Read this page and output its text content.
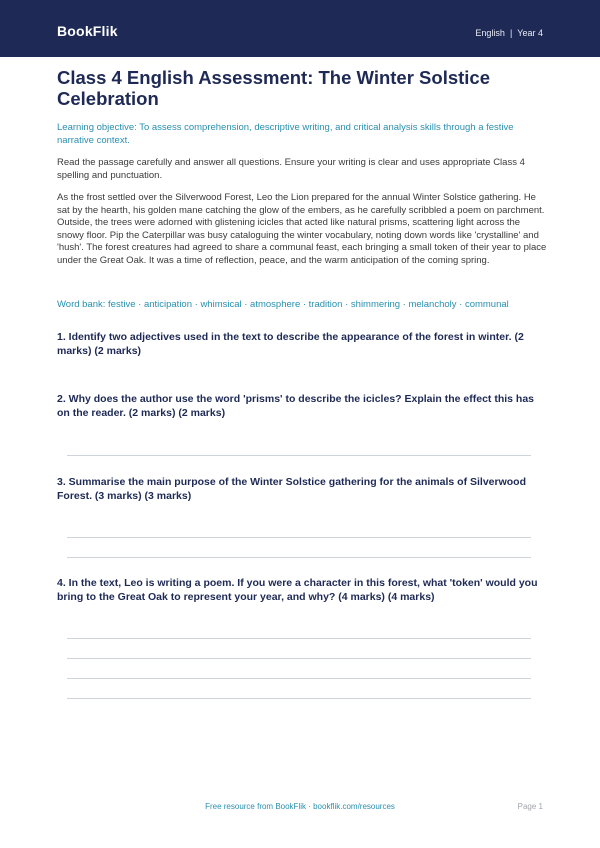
BookFlik	English | Year 4
Class 4 English Assessment: The Winter Solstice Celebration
Learning objective: To assess comprehension, descriptive writing, and critical analysis skills through a festive narrative context.
Read the passage carefully and answer all questions. Ensure your writing is clear and uses appropriate Class 4 spelling and punctuation.
As the frost settled over the Silverwood Forest, Leo the Lion prepared for the annual Winter Solstice gathering. He sat by the hearth, his golden mane catching the glow of the embers, as he carefully scribbled a poem on parchment. Outside, the trees were adorned with glistening icicles that acted like natural prisms, scattering light across the snowy floor. Pip the Caterpillar was busy cataloguing the winter vocabulary, noting down words like 'crystalline' and 'hush'. The forest creatures had agreed to share a communal feast, each bringing a small token of their year to place under the Great Oak. It was a time of reflection, peace, and the warm anticipation of the coming spring.
Word bank: festive · anticipation · whimsical · atmosphere · tradition · shimmering · melancholy · communal
1. Identify two adjectives used in the text to describe the appearance of the forest in winter. (2 marks) (2 marks)
2. Why does the author use the word 'prisms' to describe the icicles? Explain the effect this has on the reader. (2 marks) (2 marks)
3. Summarise the main purpose of the Winter Solstice gathering for the animals of Silverwood Forest. (3 marks) (3 marks)
4. In the text, Leo is writing a poem. If you were a character in this forest, what 'token' would you bring to the Great Oak to represent your year, and why? (4 marks) (4 marks)
Free resource from BookFlik · bookflik.com/resources	Page 1
